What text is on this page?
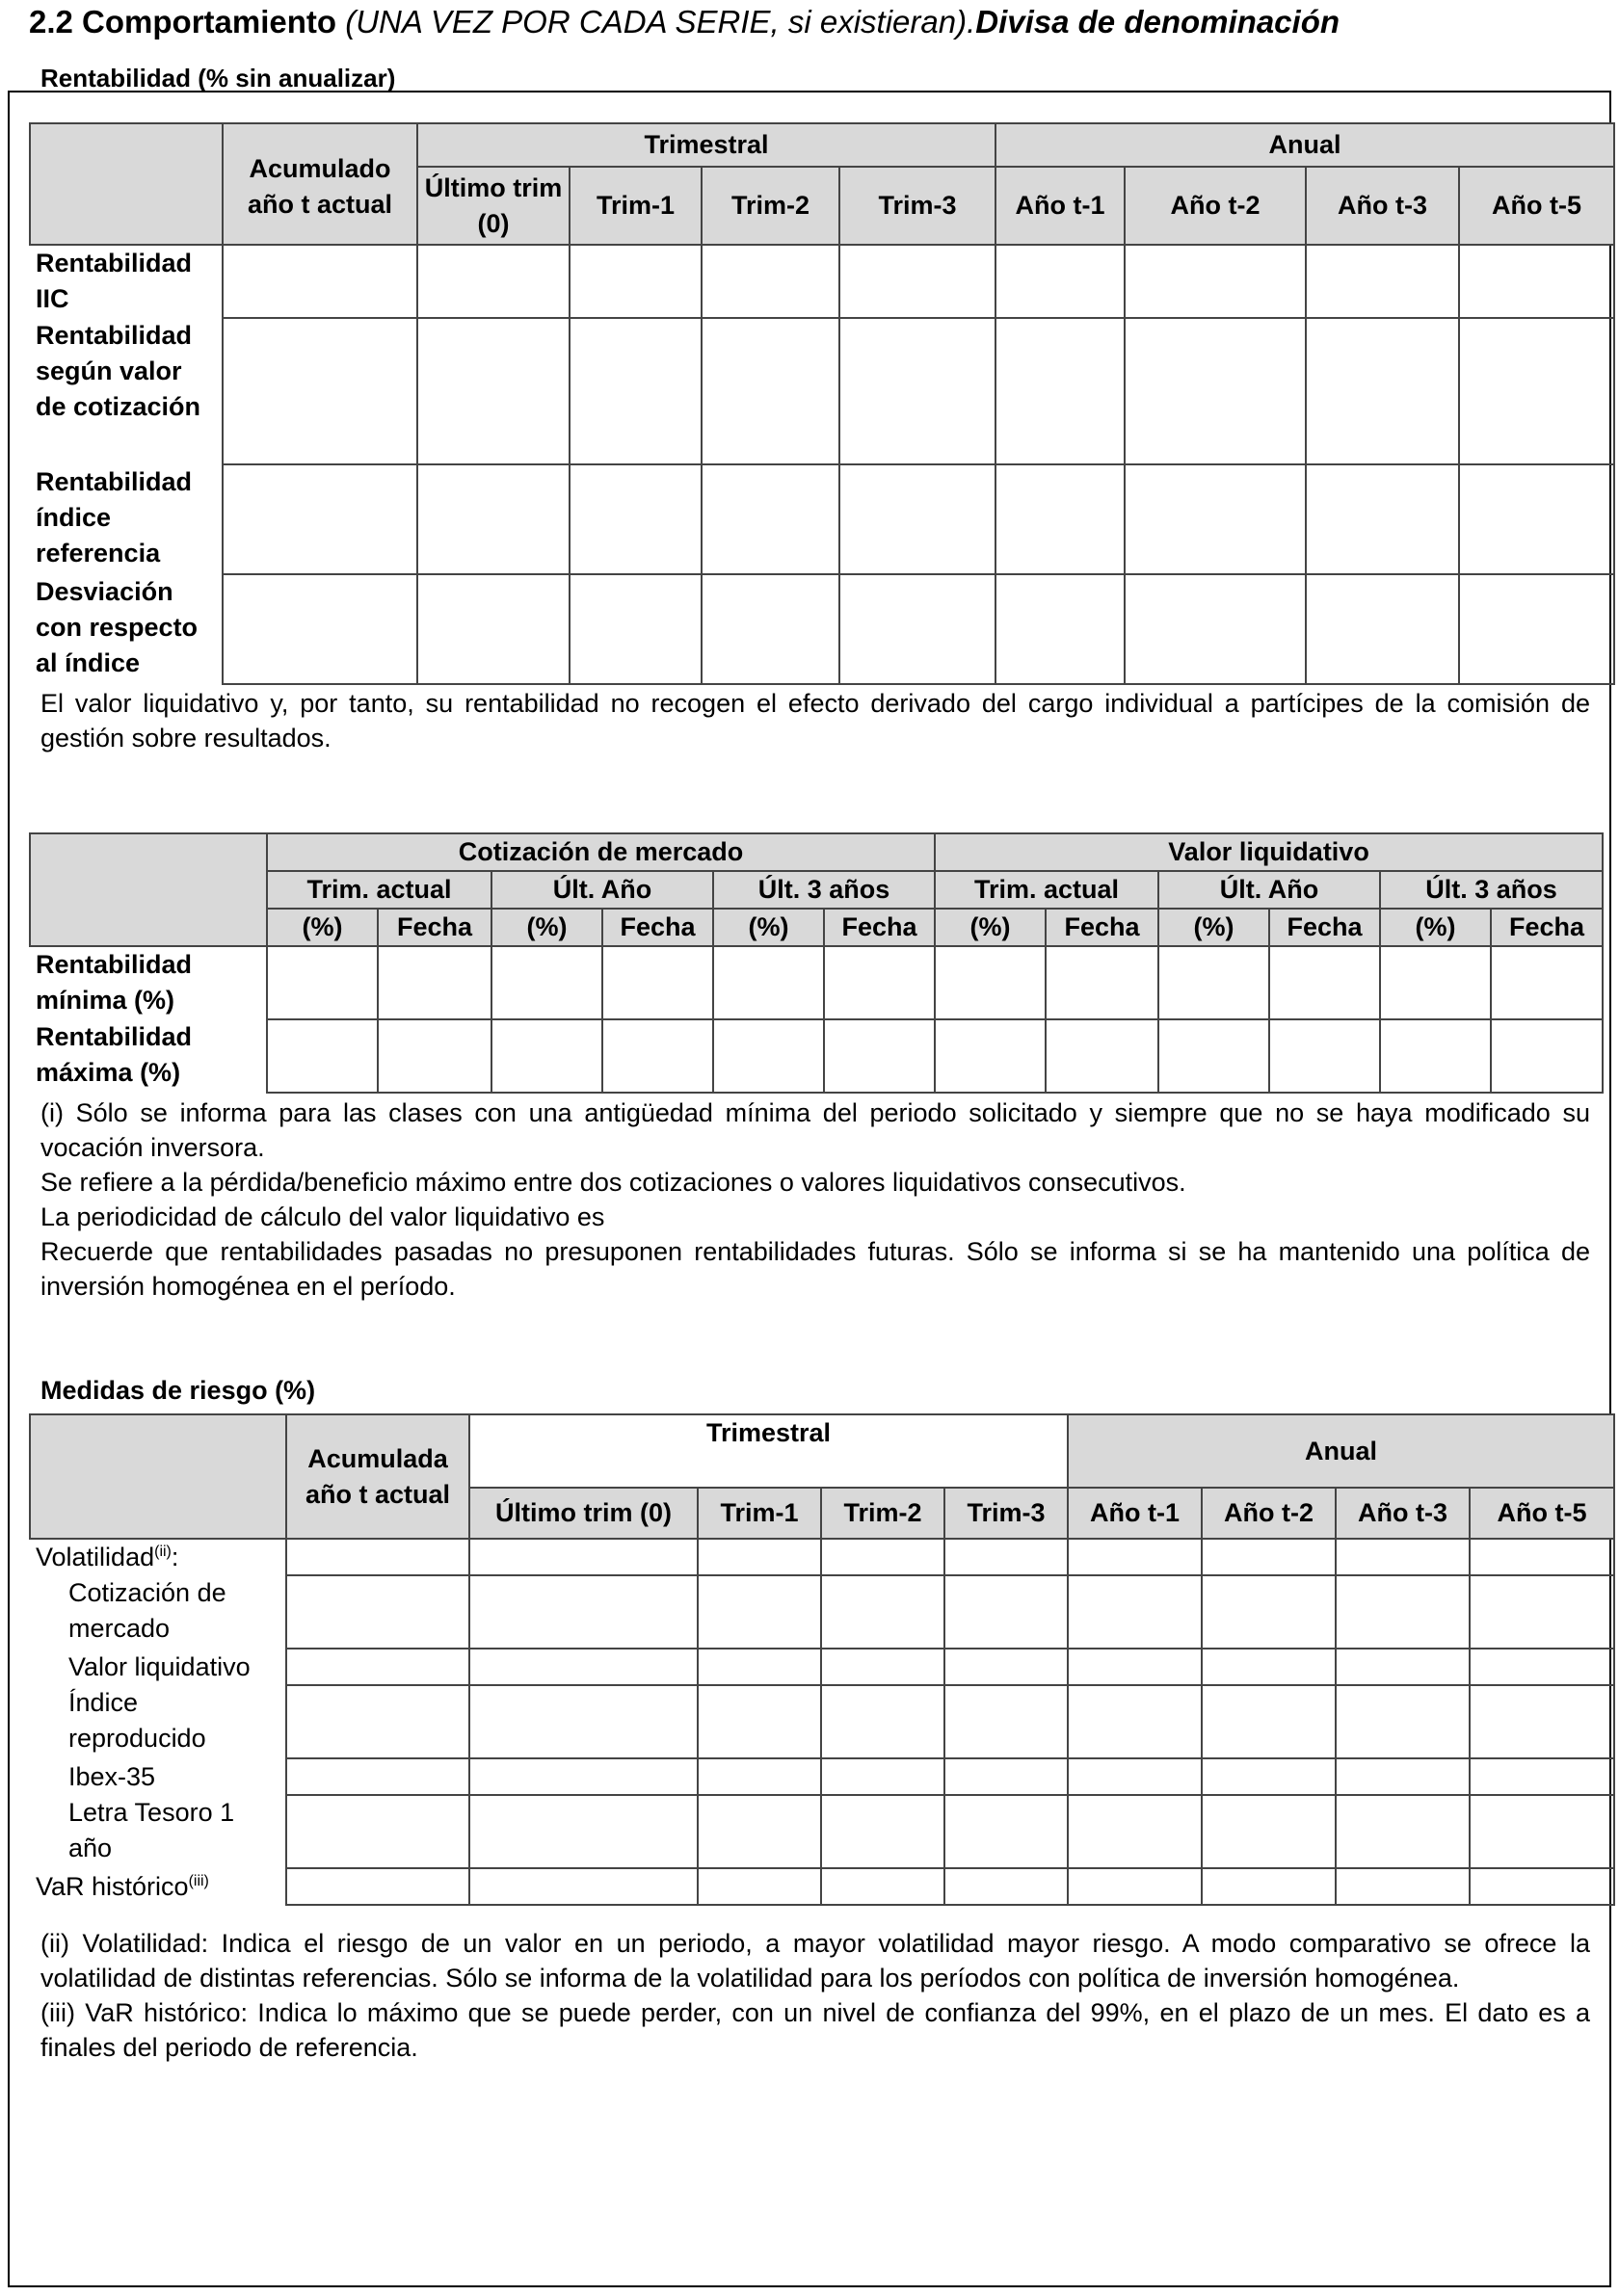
2.2 Comportamiento (UNA VEZ POR CADA SERIE, si existieran).Divisa de denominación
Rentabilidad (% sin anualizar)
	Acumulado año t actual	Trimestral				Anual			
		Último trim (0)	Trim-1	Trim-2	Trim-3	Año t-1	Año t-2	Año t-3	Año t-5
Rentabilidad IIC									
Rentabilidad según valor de cotización									
Rentabilidad índice referencia									
Desviación con respecto al índice									

El valor liquidativo y, por tanto, su rentabilidad no recogen el efecto derivado del cargo individual a partícipes de la comisión de gestión sobre resultados.

	Cotización de mercado						Valor liquidativo					
	Trim. actual		Últ. Año		Últ. 3 años		Trim. actual		Últ. Año		Últ. 3 años	
	(%)	Fecha	(%)	Fecha	(%)	Fecha	(%)	Fecha	(%)	Fecha	(%)	Fecha
Rentabilidad mínima (%)												
Rentabilidad máxima (%)												

(i) Sólo se informa para las clases con una antigüedad mínima del periodo solicitado y siempre que no se haya modificado su vocación inversora.

Se refiere a la pérdida/beneficio máximo entre dos cotizaciones o valores liquidativos consecutivos.

La periodicidad de cálculo del valor liquidativo es

Recuerde que rentabilidades pasadas no presuponen rentabilidades futuras. Sólo se informa si se ha mantenido una política de inversión homogénea en el período.

Medidas de riesgo (%)
	Acumulada año t actual	Trimestral				Anual			
		Último trim (0)	Trim-1	Trim-2	Trim-3	Año t-1	Año t-2	Año t-3	Año t-5
Volatilidad$^{(ii)}$:									
Cotización de mercado									
Valor liquidativo									
Índice reproducido									
Ibex-35									
Letra Tesoro 1 año									
VaR histórico$^{(iii)}$									

(ii) Volatilidad: Indica el riesgo de un valor en un periodo, a mayor volatilidad mayor riesgo. A modo comparativo se ofrece la volatilidad de distintas referencias. Sólo se informa de la volatilidad para los períodos con política de inversión homogénea.

(iii) VaR histórico: Indica lo máximo que se puede perder, con un nivel de confianza del 99%, en el plazo de un mes. El dato es a finales del periodo de referencia.
